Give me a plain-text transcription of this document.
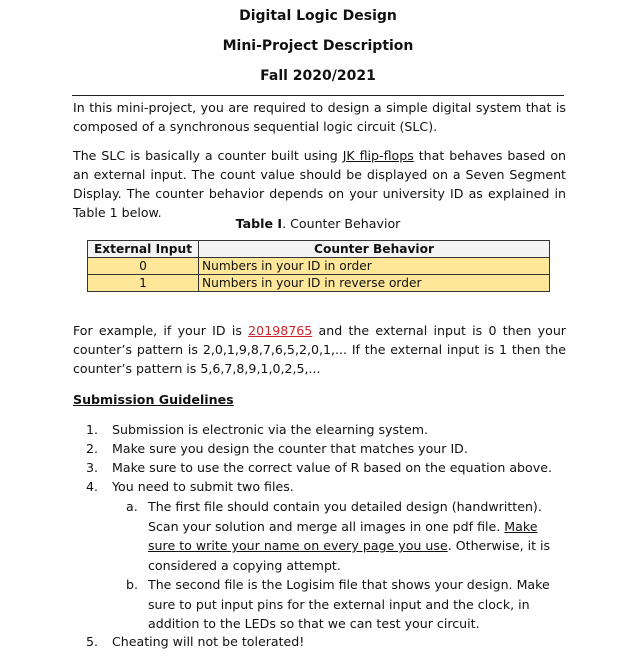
Digital Logic Design
Mini-Project Description
Fall 2020/2021

In this mini-project, you are required to design a simple digital system that is composed of a synchronous sequential logic circuit (SLC).

The SLC is basically a counter built using JK flip-flops that behaves based on an external input. The count value should be displayed on a Seven Segment Display. The counter behavior depends on your university ID as explained in Table 1 below.

Table I. Counter Behavior
External Input	Counter Behavior
0	Numbers in your ID in order
1	Numbers in your ID in reverse order

For example, if your ID is 20198765 and the external input is 0 then your counter’s pattern is 2,0,1,9,8,7,6,5,2,0,1,... If the external input is 1 then the counter’s pattern is 5,6,7,8,9,1,0,2,5,...

Submission Guidelines
1.	Submission is electronic via the elearning system.
2.	Make sure you design the counter that matches your ID.
3.	Make sure to use the correct value of R based on the equation above.
4.	You need to submit two files.
a. The first file should contain you detailed design (handwritten). Scan your solution and merge all images in one pdf file. Make sure to write your name on every page you use. Otherwise, it is considered a copying attempt.
b. The second file is the Logisim file that shows your design. Make sure to put input pins for the external input and the clock, in addition to the LEDs so that we can test your circuit.
5.	Cheating will not be tolerated!
